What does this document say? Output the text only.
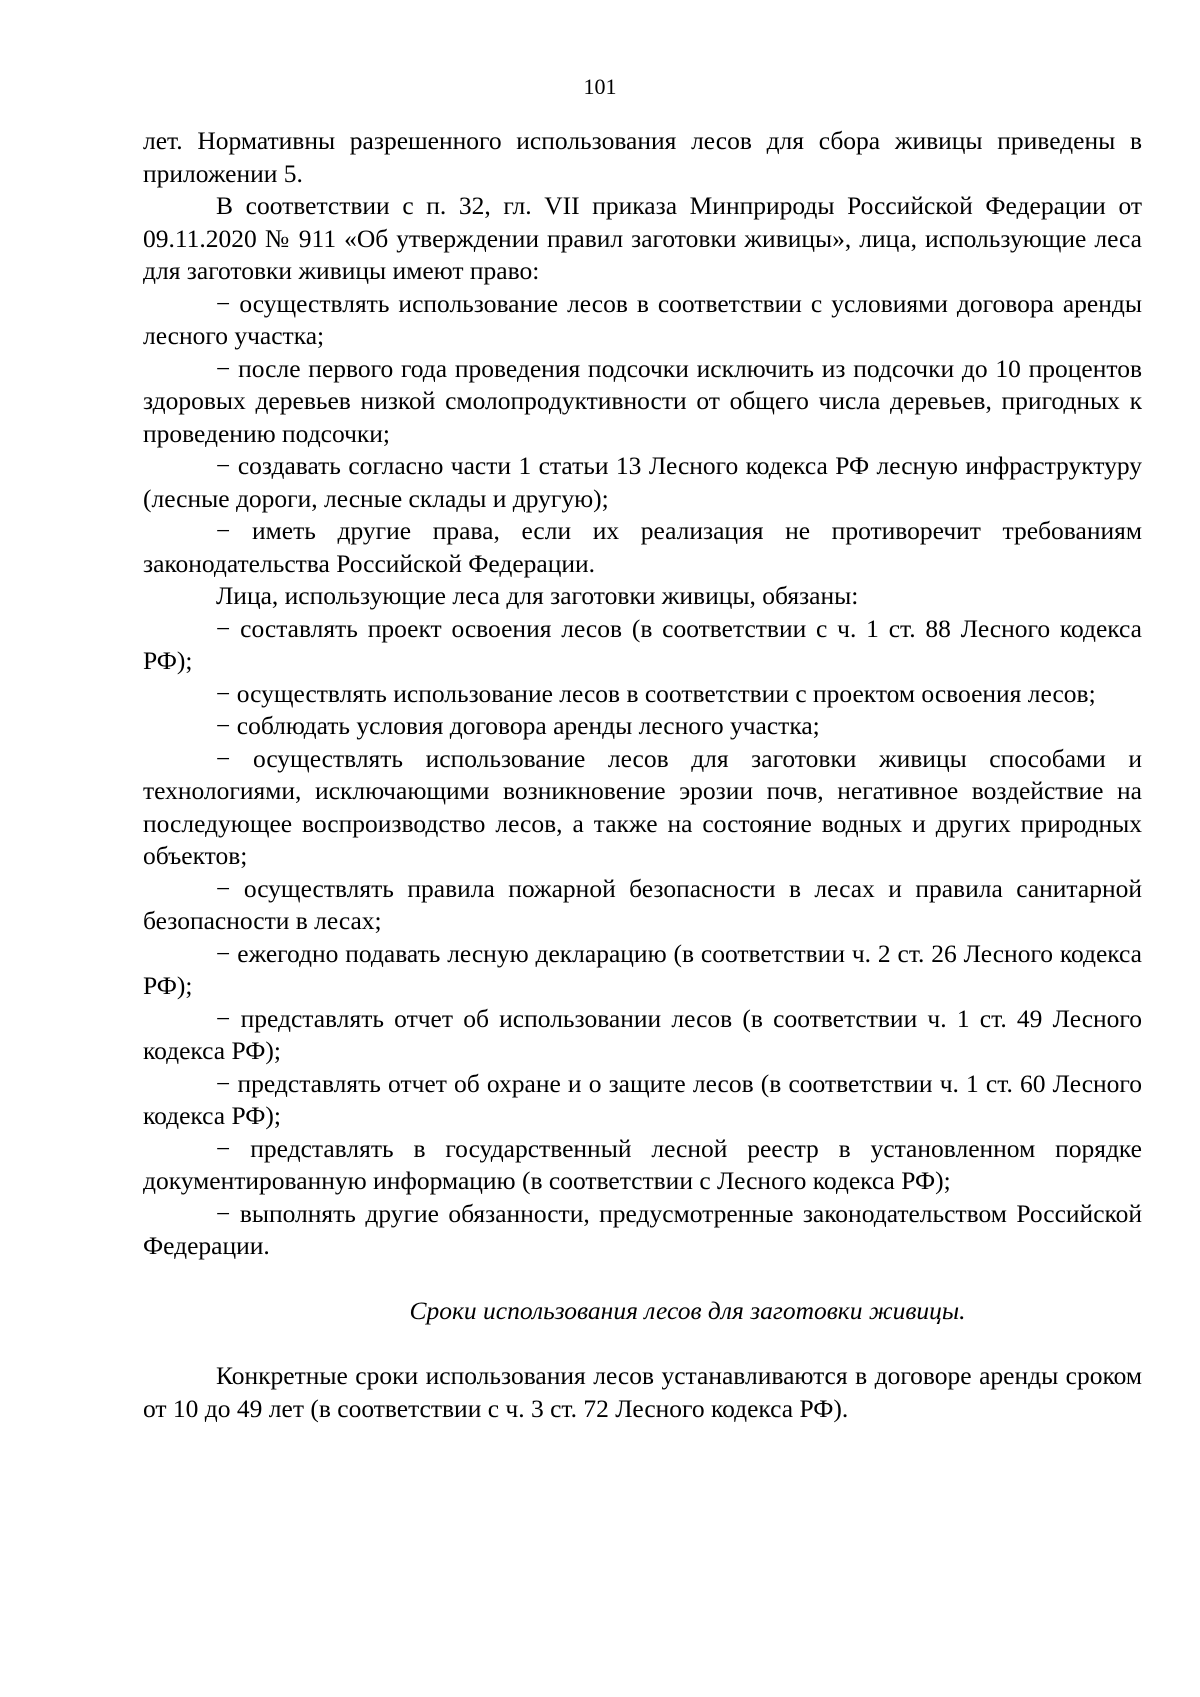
101

лет. Нормативны разрешенного использования лесов для сбора живицы приведены в приложении 5.

В соответствии с п. 32, гл. VII приказа Минприроды Российской Федерации от 09.11.2020 № 911 «Об утверждении правил заготовки живицы», лица, использующие леса для заготовки живицы имеют право:

− осуществлять использование лесов в соответствии с условиями договора аренды лесного участка;

− после первого года проведения подсочки исключить из подсочки до 10 процентов здоровых деревьев низкой смолопродуктивности от общего числа деревьев, пригодных к проведению подсочки;

− создавать согласно части 1 статьи 13 Лесного кодекса РФ лесную инфраструктуру (лесные дороги, лесные склады и другую);

− иметь другие права, если их реализация не противоречит требованиям законодательства Российской Федерации.

Лица, использующие леса для заготовки живицы, обязаны:

− составлять проект освоения лесов (в соответствии с ч. 1 ст. 88 Лесного кодекса РФ);

− осуществлять использование лесов в соответствии с проектом освоения лесов;

− соблюдать условия договора аренды лесного участка;

− осуществлять использование лесов для заготовки живицы способами и технологиями, исключающими возникновение эрозии почв, негативное воздействие на последующее воспроизводство лесов, а также на состояние водных и других природных объектов;

− осуществлять правила пожарной безопасности в лесах и правила санитарной безопасности в лесах;

− ежегодно подавать лесную декларацию (в соответствии ч. 2 ст. 26 Лесного кодекса РФ);

− представлять отчет об использовании лесов (в соответствии ч. 1 ст. 49 Лесного кодекса РФ);

− представлять отчет об охране и о защите лесов (в соответствии ч. 1 ст. 60 Лесного кодекса РФ);

− представлять в государственный лесной реестр в установленном порядке документированную информацию (в соответствии с Лесного кодекса РФ);

− выполнять другие обязанности, предусмотренные законодательством Российской Федерации.

Сроки использования лесов для заготовки живицы.

Конкретные сроки использования лесов устанавливаются в договоре аренды сроком от 10 до 49 лет (в соответствии с ч. 3 ст. 72 Лесного кодекса РФ).
